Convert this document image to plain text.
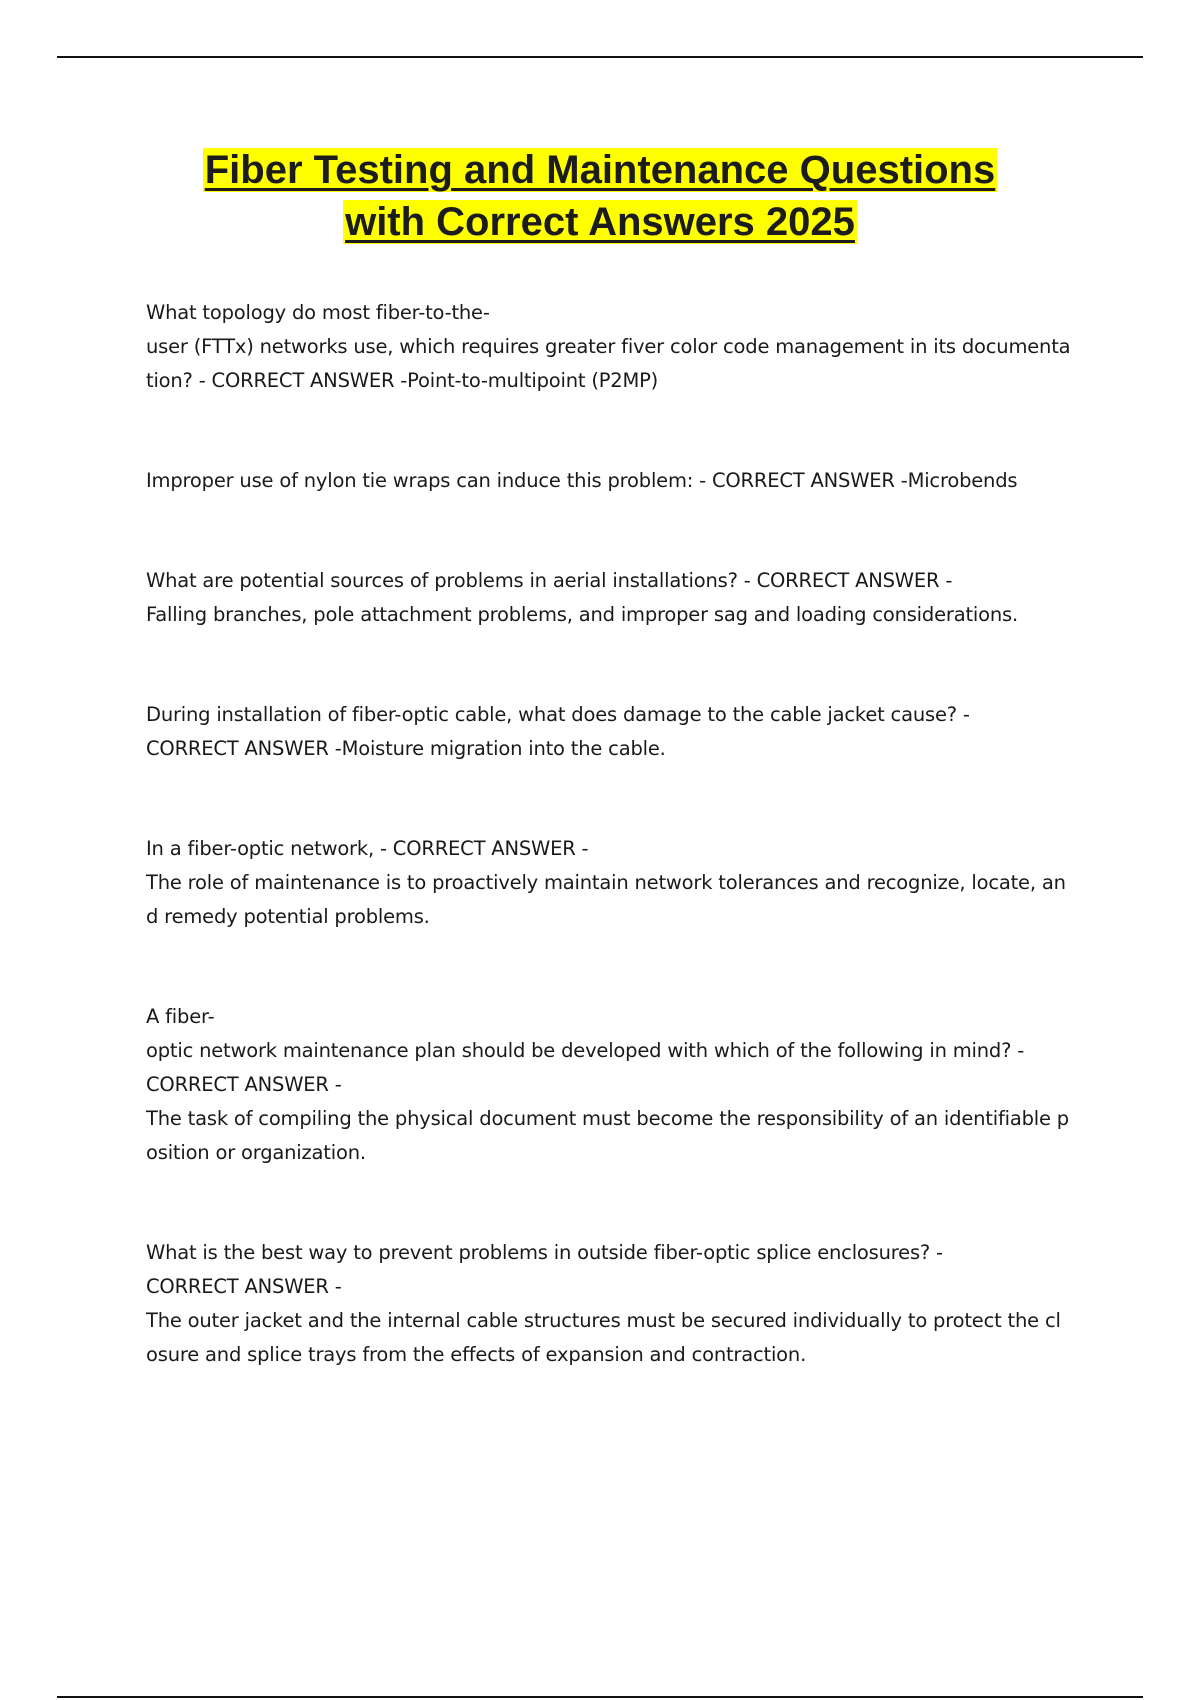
Fiber Testing and Maintenance Questions
with Correct Answers 2025

What topology do most fiber-to-the-
user (FTTx) networks use, which requires greater fiver color code management in its documenta
tion? - CORRECT ANSWER -Point-to-multipoint (P2MP)

Improper use of nylon tie wraps can induce this problem: - CORRECT ANSWER -Microbends

What are potential sources of problems in aerial installations? - CORRECT ANSWER -
Falling branches, pole attachment problems, and improper sag and loading considerations.

During installation of fiber-optic cable, what does damage to the cable jacket cause? -
CORRECT ANSWER -Moisture migration into the cable.

In a fiber-optic network, - CORRECT ANSWER -
The role of maintenance is to proactively maintain network tolerances and recognize, locate, an
d remedy potential problems.

A fiber-
optic network maintenance plan should be developed with which of the following in mind? -
CORRECT ANSWER -
The task of compiling the physical document must become the responsibility of an identifiable p
osition or organization.

What is the best way to prevent problems in outside fiber-optic splice enclosures? -
CORRECT ANSWER -
The outer jacket and the internal cable structures must be secured individually to protect the cl
osure and splice trays from the effects of expansion and contraction.
